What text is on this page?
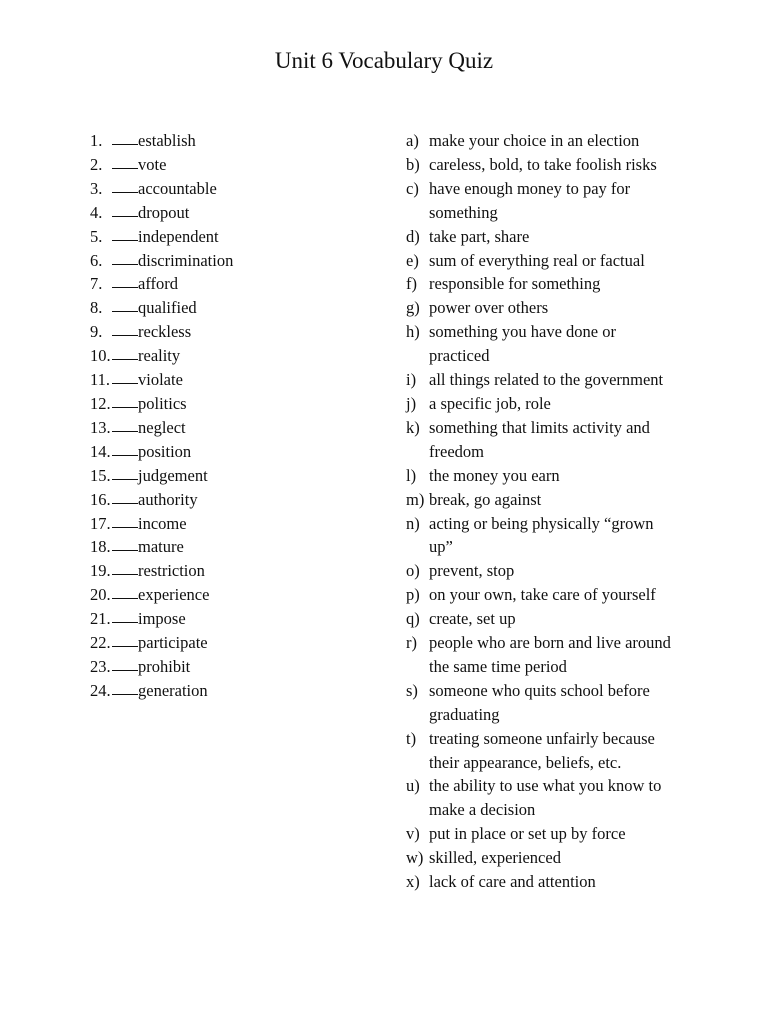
Unit 6 Vocabulary Quiz
1.	establish
2.	vote
3.	accountable
4.	dropout
5.	independent
6.	discrimination
7.	afford
8.	qualified
9.	reckless
10. reality
11. violate
12. politics
13. neglect
14. position
15. judgement
16. authority
17. income
18. mature
19. restriction
20. experience
21. impose
22. participate
23. prohibit
24. generation
a) make your choice in an election
b) careless, bold, to take foolish risks
c) have enough money to pay for something
d) take part, share
e) sum of everything real or factual
f) responsible for something
g) power over others
h) something you have done or practiced
i) all things related to the government
j) a specific job, role
k) something that limits activity and freedom
l) the money you earn
m) break, go against
n) acting or being physically “grown up”
o) prevent, stop
p) on your own, take care of yourself
q) create, set up
r) people who are born and live around the same time period
s) someone who quits school before graduating
t) treating someone unfairly because their appearance, beliefs, etc.
u) the ability to use what you know to make a decision
v) put in place or set up by force
w) skilled, experienced
x) lack of care and attention
